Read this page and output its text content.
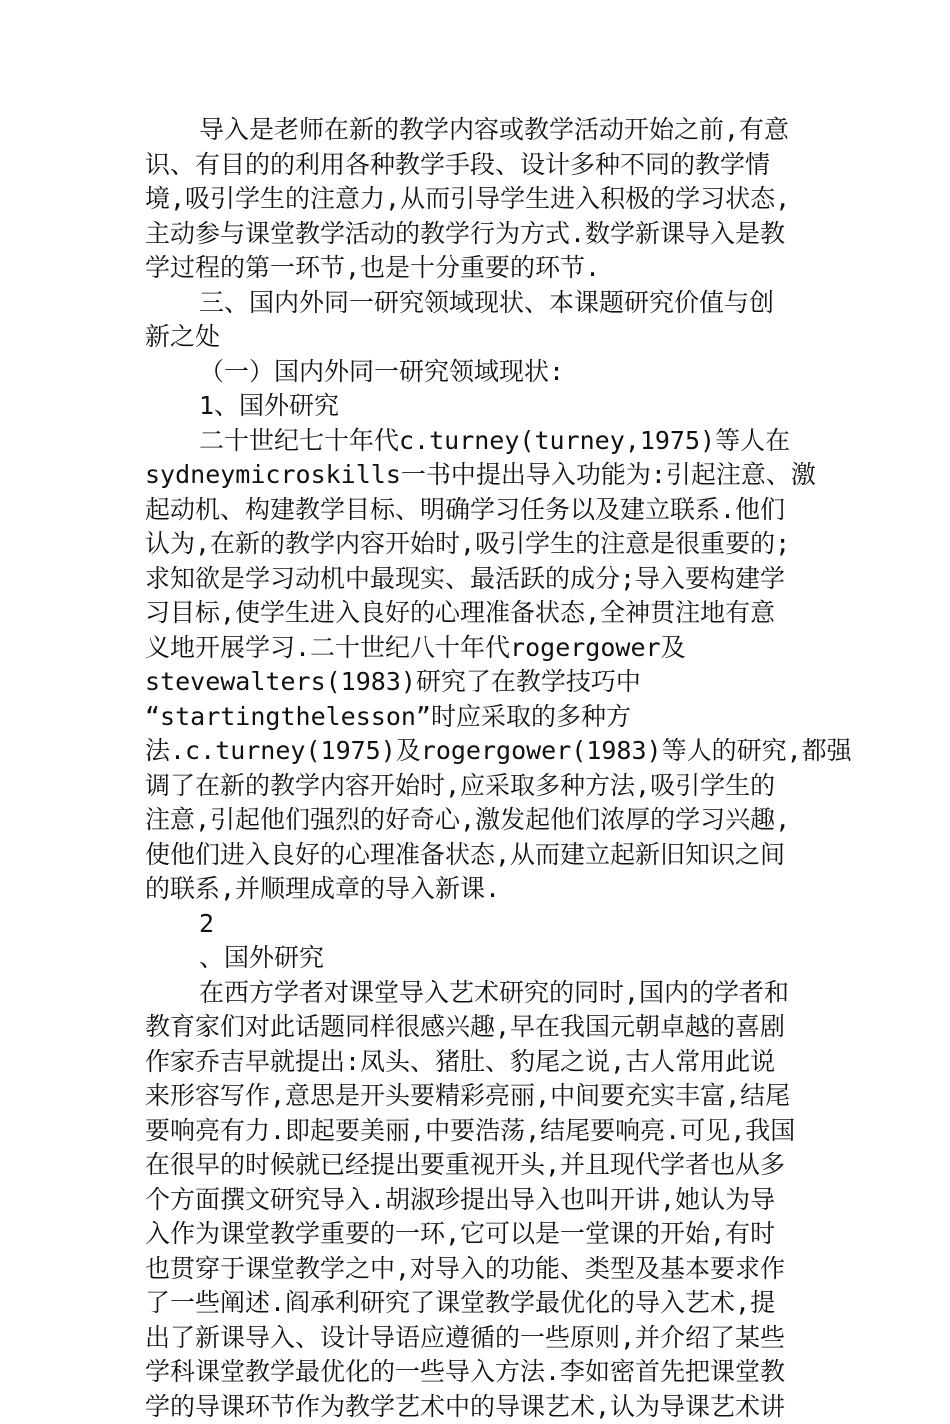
导入是老师在新的教学内容或教学活动开始之前,有意
识、有目的的利用各种教学手段、设计多种不同的教学情
境,吸引学生的注意力,从而引导学生进入积极的学习状态,
主动参与课堂教学活动的教学行为方式.数学新课导入是教
学过程的第一环节,也是十分重要的环节.
三、国内外同一研究领域现状、本课题研究价值与创
新之处
（一）国内外同一研究领域现状:
1、国外研究
二十世纪七十年代c.turney(turney,1975)等人在
sydneymicroskills一书中提出导入功能为:引起注意、激
起动机、构建教学目标、明确学习任务以及建立联系.他们
认为,在新的教学内容开始时,吸引学生的注意是很重要的;
求知欲是学习动机中最现实、最活跃的成分;导入要构建学
习目标,使学生进入良好的心理准备状态,全神贯注地有意
义地开展学习.二十世纪八十年代rogergower及
stevewalters(1983)研究了在教学技巧中
“startingthelesson”时应采取的多种方
法.c.turney(1975)及rogergower(1983)等人的研究,都强
调了在新的教学内容开始时,应采取多种方法,吸引学生的
注意,引起他们强烈的好奇心,激发起他们浓厚的学习兴趣,
使他们进入良好的心理准备状态,从而建立起新旧知识之间
的联系,并顺理成章的导入新课.
2
、国外研究
在西方学者对课堂导入艺术研究的同时,国内的学者和
教育家们对此话题同样很感兴趣,早在我国元朝卓越的喜剧
作家乔吉早就提出:凤头、猪肚、豹尾之说,古人常用此说
来形容写作,意思是开头要精彩亮丽,中间要充实丰富,结尾
要响亮有力.即起要美丽,中要浩荡,结尾要响亮.可见,我国
在很早的时候就已经提出要重视开头,并且现代学者也从多
个方面撰文研究导入.胡淑珍提出导入也叫开讲,她认为导
入作为课堂教学重要的一环,它可以是一堂课的开始,有时
也贯穿于课堂教学之中,对导入的功能、类型及基本要求作
了一些阐述.阎承利研究了课堂教学最优化的导入艺术,提
出了新课导入、设计导语应遵循的一些原则,并介绍了某些
学科课堂教学最优化的一些导入方法.李如密首先把课堂教
学的导课环节作为教学艺术中的导课艺术,认为导课艺术讲
